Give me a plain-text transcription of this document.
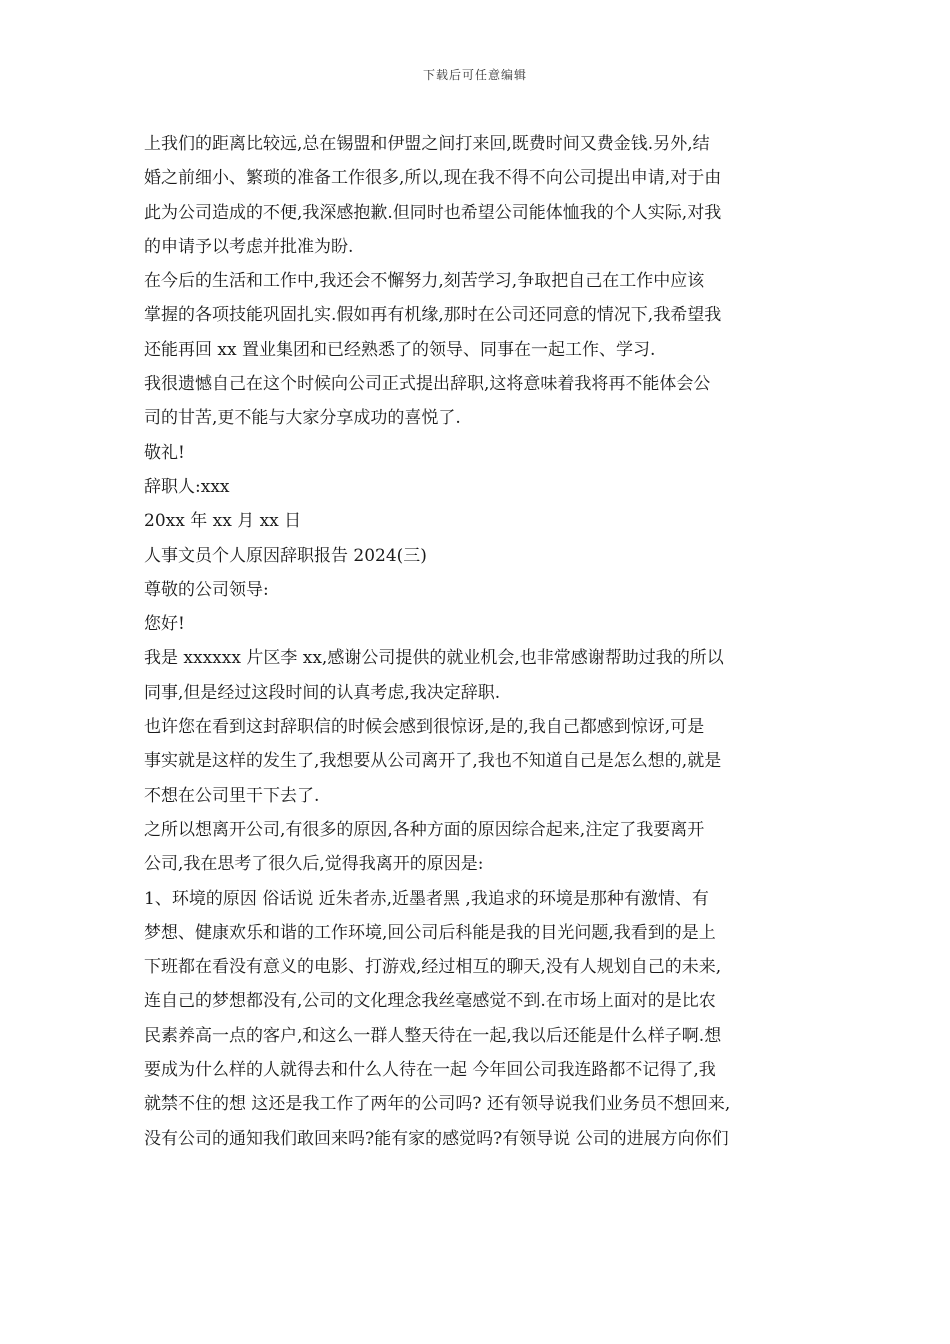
下载后可任意编辑

上我们的距离比较远,总在锡盟和伊盟之间打来回,既费时间又费金钱.另外,结

婚之前细小、繁琐的准备工作很多,所以,现在我不得不向公司提出申请,对于由

此为公司造成的不便,我深感抱歉.但同时也希望公司能体恤我的个人实际,对我

的申请予以考虑并批准为盼.

在今后的生活和工作中,我还会不懈努力,刻苦学习,争取把自己在工作中应该

掌握的各项技能巩固扎实.假如再有机缘,那时在公司还同意的情况下,我希望我

还能再回 xx 置业集团和已经熟悉了的领导、同事在一起工作、学习.

我很遗憾自己在这个时候向公司正式提出辞职,这将意味着我将再不能体会公

司的甘苦,更不能与大家分享成功的喜悦了.

敬礼!

辞职人:xxx

20xx 年 xx 月 xx 日

人事文员个人原因辞职报告 2024(三)

尊敬的公司领导:

您好!

我是 xxxxxx 片区李 xx,感谢公司提供的就业机会,也非常感谢帮助过我的所以

同事,但是经过这段时间的认真考虑,我决定辞职.

也许您在看到这封辞职信的时候会感到很惊讶,是的,我自己都感到惊讶,可是

事实就是这样的发生了,我想要从公司离开了,我也不知道自己是怎么想的,就是

不想在公司里干下去了.

之所以想离开公司,有很多的原因,各种方面的原因综合起来,注定了我要离开

公司,我在思考了很久后,觉得我离开的原因是:

1、环境的原因 俗话说 近朱者赤,近墨者黑 ,我追求的环境是那种有激情、有

梦想、健康欢乐和谐的工作环境,回公司后科能是我的目光问题,我看到的是上

下班都在看没有意义的电影、打游戏,经过相互的聊天,没有人规划自己的未来,

连自己的梦想都没有,公司的文化理念我丝毫感觉不到.在市场上面对的是比农

民素养高一点的客户,和这么一群人整天待在一起,我以后还能是什么样子啊.想

要成为什么样的人就得去和什么人待在一起 今年回公司我连路都不记得了,我

就禁不住的想 这还是我工作了两年的公司吗? 还有领导说我们业务员不想回来,

没有公司的通知我们敢回来吗?能有家的感觉吗?有领导说 公司的进展方向你们
